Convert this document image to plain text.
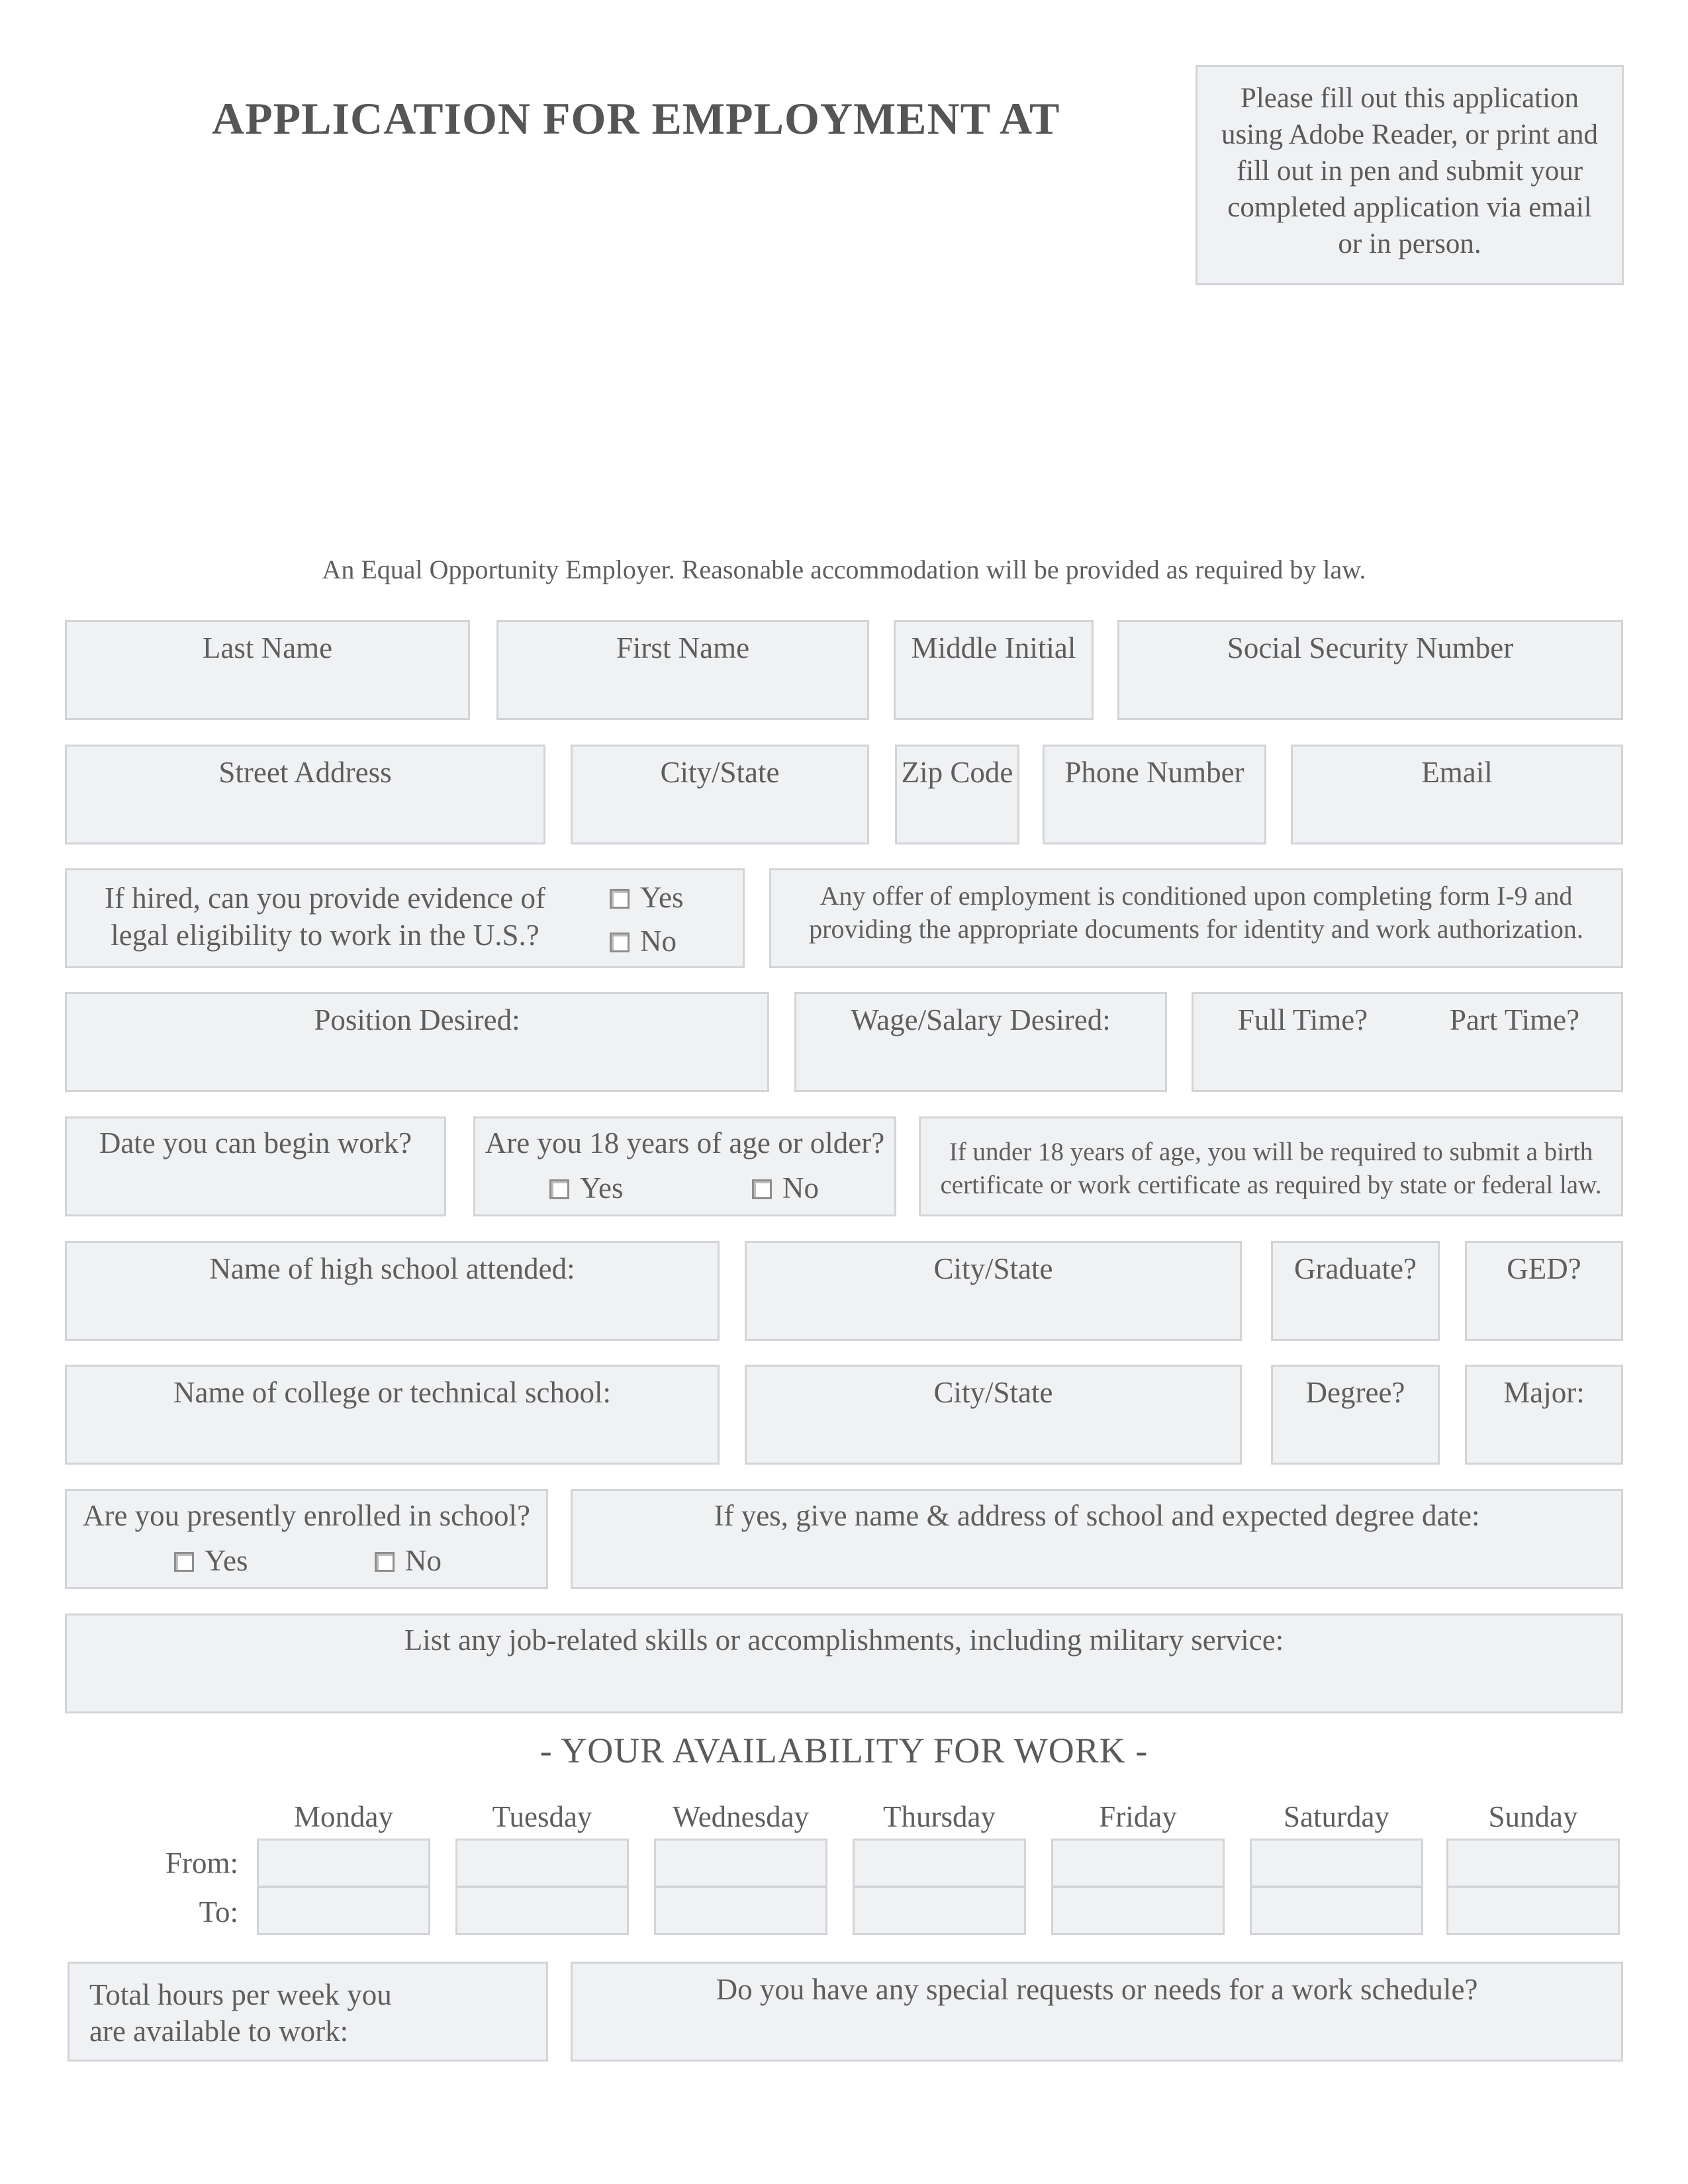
APPLICATION FOR EMPLOYMENT AT	Please fill out this application
using Adobe Reader, or print and
fill out in pen and submit your
completed application via email
or in person.
An Equal Opportunity Employer. Reasonable accommodation will be provided as required by law.
Last Name	First Name	Middle Initial	Social Security Number
Street Address	City/State	Zip Code	Phone Number	Email
If hired, can you provide evidence of
legal eligibility to work in the U.S.?
Yes
No
Any offer of employment is conditioned upon completing form I-9 and
providing the appropriate documents for identity and work authorization.
Position Desired:	Wage/Salary Desired:	Full Time?	Part Time?
Date you can begin work?	Are you 18 years of age or older?
Yes	No
If under 18 years of age, you will be required to submit a birth
certificate or work certificate as required by state or federal law.
Name of high school attended:	City/State	Graduate?	GED?
Name of college or technical school:	City/State	Degree?	Major:
Are you presently enrolled in school?
Yes	No
If yes, give name & address of school and expected degree date:
List any job-related skills or accomplishments, including military service:
- YOUR AVAILABILITY FOR WORK -
Monday	Tuesday	Wednesday	Thursday	Friday	Saturday	Sunday
From:
To:
Total hours per week you
are available to work:
Do you have any special requests or needs for a work schedule?
